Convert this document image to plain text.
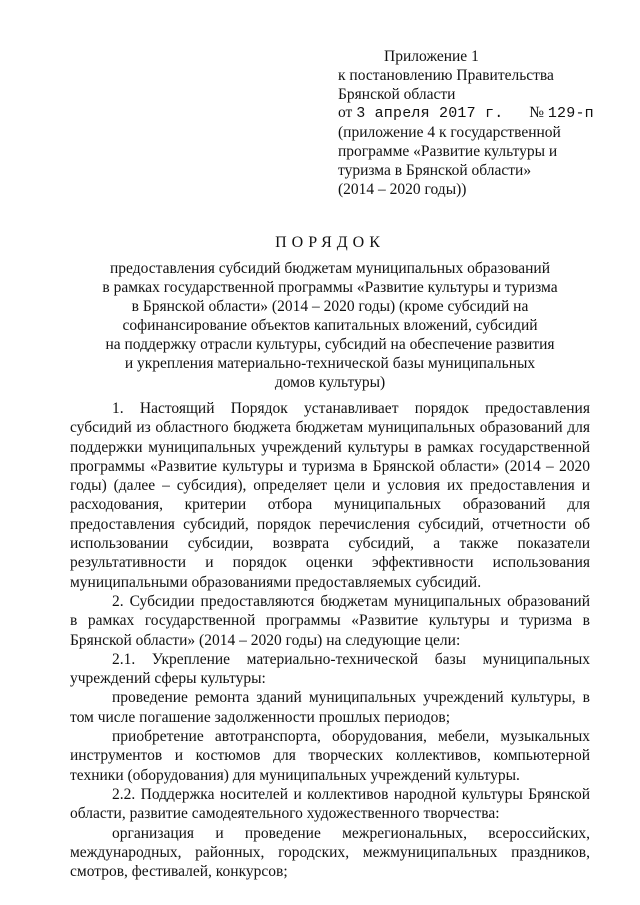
Приложение 1
к постановлению Правительства
Брянской области
от 3 апреля 2017 г. № 129-п
(приложение 4 к государственной
программе «Развитие культуры и
туризма в Брянской области»
(2014 – 2020 годы))
ПОРЯДОК
предоставления субсидий бюджетам муниципальных образований
в рамках государственной программы «Развитие культуры и туризма
в Брянской области» (2014 – 2020 годы) (кроме субсидий на
софинансирование объектов капитальных вложений, субсидий
на поддержку отрасли культуры, субсидий на обеспечение развития
и укрепления материально-технической базы муниципальных
домов культуры)

1. Настоящий Порядок устанавливает порядок предоставления субсидий из областного бюджета бюджетам муниципальных образований для поддержки муниципальных учреждений культуры в рамках государственной программы «Развитие культуры и туризма в Брянской области» (2014 – 2020 годы) (далее – субсидия), определяет цели и условия их предоставления и расходования, критерии отбора муниципальных образований для предоставления субсидий, порядок перечисления субсидий, отчетности об использовании субсидии, возврата субсидий, а также показатели результативности и порядок оценки эффективности использования муниципальными образованиями предоставляемых субсидий.

2. Субсидии предоставляются бюджетам муниципальных образований в рамках государственной программы «Развитие культуры и туризма в Брянской области» (2014 – 2020 годы) на следующие цели:

2.1. Укрепление материально-технической базы муниципальных учреждений сферы культуры:

проведение ремонта зданий муниципальных учреждений культуры, в том числе погашение задолженности прошлых периодов;

приобретение автотранспорта, оборудования, мебели, музыкальных инструментов и костюмов для творческих коллективов, компьютерной техники (оборудования) для муниципальных учреждений культуры.

2.2. Поддержка носителей и коллективов народной культуры Брянской области, развитие самодеятельного художественного творчества:

организация и проведение межрегиональных, всероссийских, международных, районных, городских, межмуниципальных праздников, смотров, фестивалей, конкурсов;
